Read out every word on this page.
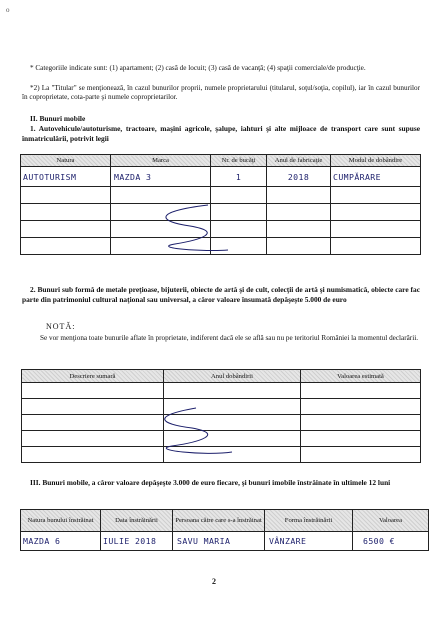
o
* Categoriile indicate sunt: (1) apartament; (2) casă de locuit; (3) casă de vacanţă; (4) spaţii comerciale/de producţie.
*2) La "Titular" se menţionează, în cazul bunurilor proprii, numele proprietarului (titularul, soţul/soţia, copilul), iar în cazul bunurilor în coproprietate, cota-parte şi numele coproprietarilor.
II. Bunuri mobile
1. Autovehicule/autoturisme, tractoare, maşini agricole, şalupe, iahturi şi alte mijloace de transport care sunt supuse înmatriculării, potrivit legii
Natura	Marca	Nr. de bucăţi	Anul de fabricaţie	Modul de dobândire
AUTOTURISM	MAZDA 3	1	2018	CUMPĂRARE

2. Bunuri sub formă de metale preţioase, bijuterii, obiecte de artă şi de cult, colecţii de artă şi numismatică, obiecte care fac parte din patrimoniul cultural naţional sau universal, a căror valoare însumată depăşeşte 5.000 de euro
NOTĂ:
Se vor menţiona toate bunurile aflate în proprietate, indiferent dacă ele se află sau nu pe teritoriul României la momentul declarării.
Descriere sumară	Anul dobândirii	Valoarea estimată

III. Bunuri mobile, a căror valoare depăşeşte 3.000 de euro fiecare, şi bunuri imobile înstrăinate în ultimele 12 luni
Natura bunului înstrăinat	Data înstrăinării	Persoana către care s-a înstrăinat	Forma înstrăinării	Valoarea
MAZDA 6	IULIE 2018	SAVU MARIA	VÂNZARE	6500 €
2
